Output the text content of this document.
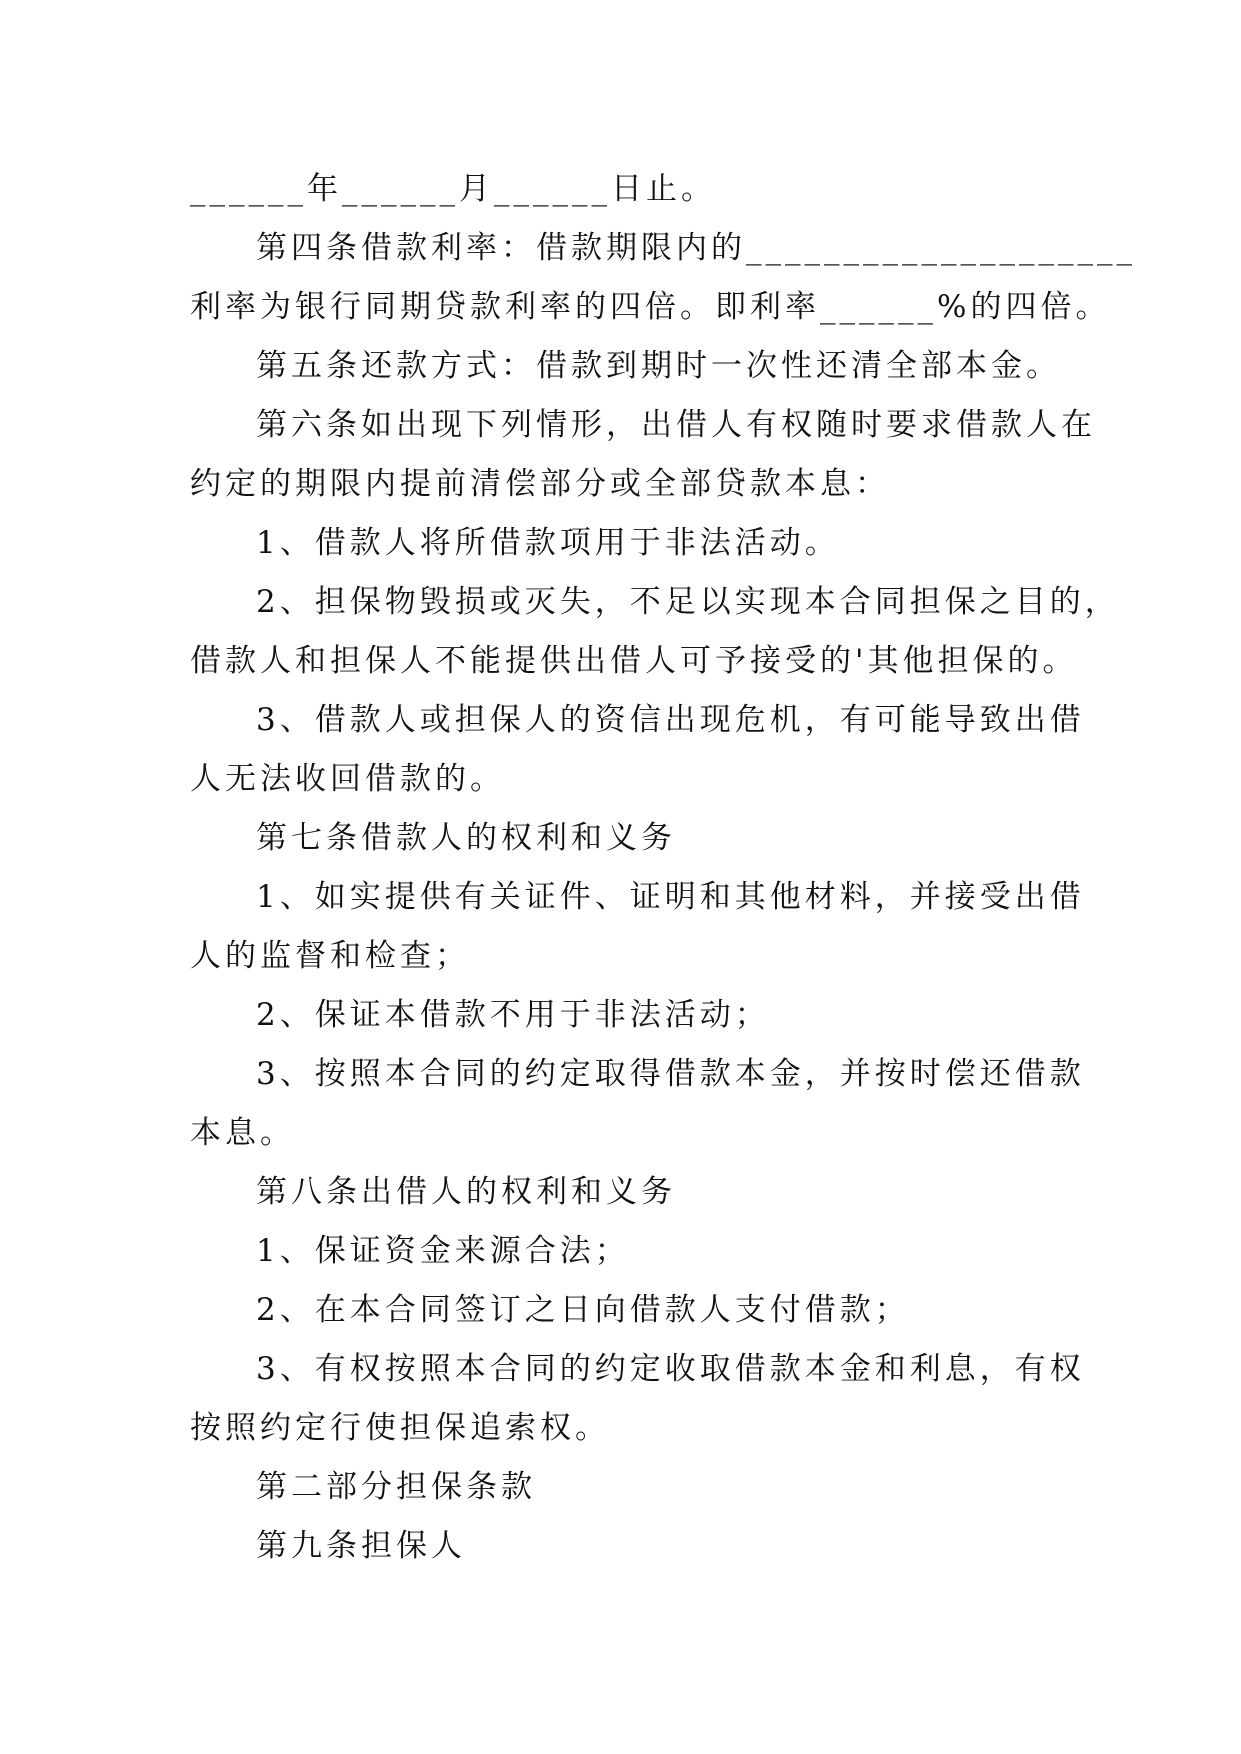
______年______月______日止。
第四条借款利率：借款期限内的____________________
利率为银行同期贷款利率的四倍。即利率______%的四倍。
第五条还款方式：借款到期时一次性还清全部本金。
第六条如出现下列情形，出借人有权随时要求借款人在
约定的期限内提前清偿部分或全部贷款本息：
1、借款人将所借款项用于非法活动。
2、担保物毁损或灭失，不足以实现本合同担保之目的，
借款人和担保人不能提供出借人可予接受的'其他担保的。
3、借款人或担保人的资信出现危机，有可能导致出借
人无法收回借款的。
第七条借款人的权利和义务
1、如实提供有关证件、证明和其他材料，并接受出借
人的监督和检查；
2、保证本借款不用于非法活动；
3、按照本合同的约定取得借款本金，并按时偿还借款
本息。
第八条出借人的权利和义务
1、保证资金来源合法；
2、在本合同签订之日向借款人支付借款；
3、有权按照本合同的约定收取借款本金和利息，有权
按照约定行使担保追索权。
第二部分担保条款
第九条担保人
